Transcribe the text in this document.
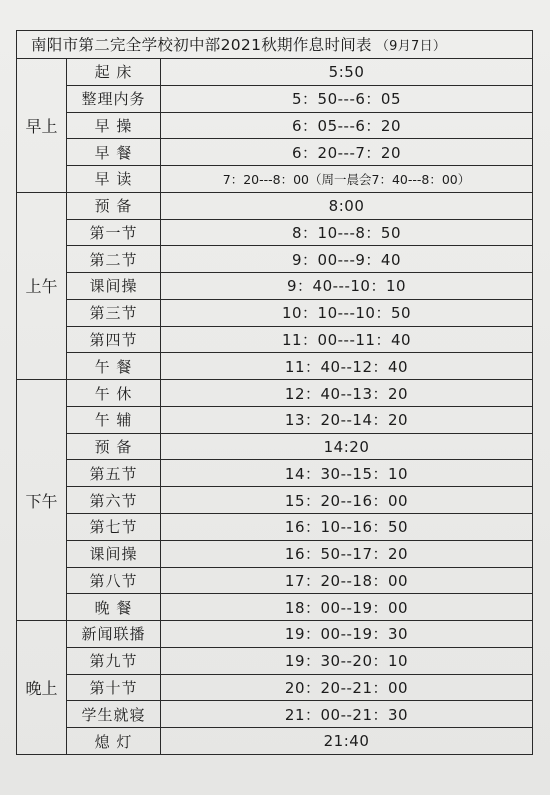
南阳市第二完全学校初中部2021秋期作息时间表 （9月7日）		
早上	起 床	5:50
	整理内务	5：50---6：05
	早 操	6：05---6：20
	早 餐	6：20---7：20
	早 读	7：20---8：00（周一晨会7：40---8：00）
上午	预 备	8:00
	第一节	8：10---8：50
	第二节	9：00---9：40
	课间操	9：40---10：10
	第三节	10：10---10：50
	第四节	11：00---11：40
	午 餐	11：40--12：40
下午	午 休	12：40--13：20
	午 辅	13：20--14：20
	预 备	14:20
	第五节	14：30--15：10
	第六节	15：20--16：00
	第七节	16：10--16：50
	课间操	16：50--17：20
	第八节	17：20--18：00
	晚 餐	18：00--19：00
晚上	新闻联播	19：00--19：30
	第九节	19：30--20：10
	第十节	20：20--21：00
	学生就寝	21：00--21：30
	熄 灯	21:40
